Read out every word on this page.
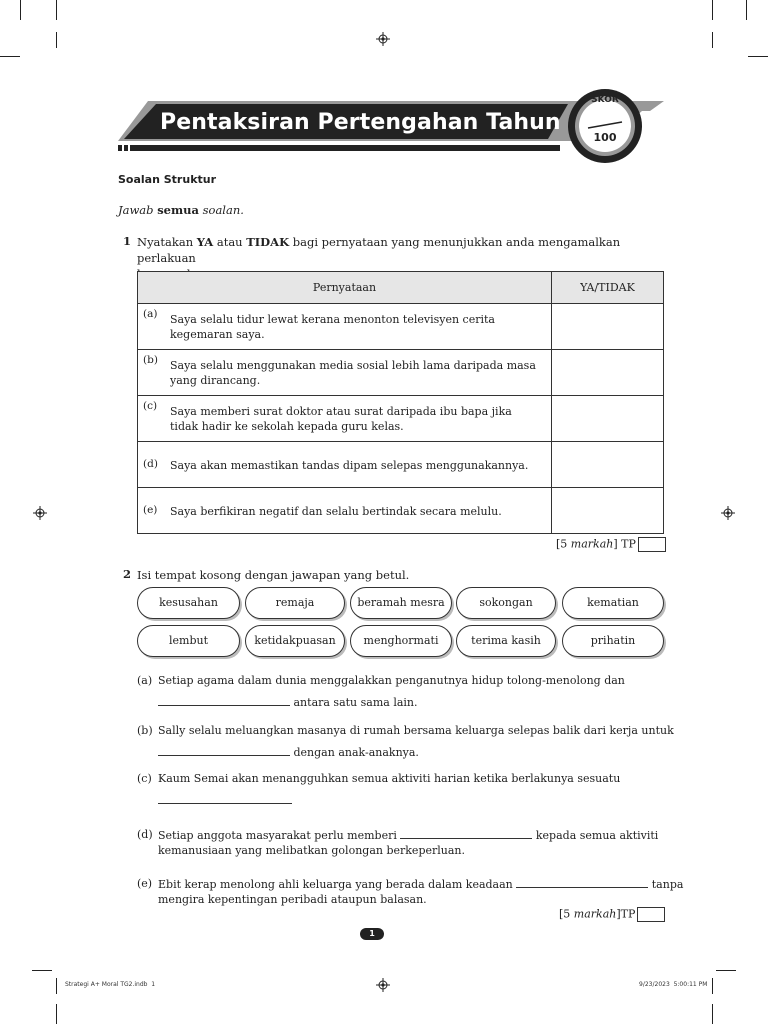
Pentaksiran Pertengahan Tahun
SKOR
100
Soalan Struktur
Jawab semua soalan.
1 Nyatakan YA atau TIDAK bagi pernyataan yang menunjukkan anda mengamalkan perlakuan

Pernyataan	YA/TIDAK

(a) Saya selalu tidur lewat kerana menonton televisyen cerita kegemaran saya.	

(b) Saya selalu menggunakan media sosial lebih lama daripada masa yang dirancang.	

(c) Saya memberi surat doktor atau surat daripada ibu bapa jika tidak hadir ke sekolah kepada guru kelas.	

(d) Saya akan memastikan tandas dipam selepas menggunakannya.	

(e) Saya berfikiran negatif dan selalu bertindak secara melulu.	

[5 markah] TP
2 Isi tempat kosong dengan jawapan yang betul.
kesusahan	remaja	beramah mesra	sokongan	kematian
lembut	ketidakpuasan	menghormati	terima kasih	prihatin
(a) Setiap agama dalam dunia menggalakkan penganutnya hidup tolong-menolong dan
antara satu sama lain.
(b) Sally selalu meluangkan masanya di rumah bersama keluarga selepas balik dari kerja untuk
dengan anak-anaknya.
(c) Kaum Semai akan menangguhkan semua aktiviti harian ketika berlakunya sesuatu
(d) Setiap anggota masyarakat perlu memberi	kepada semua aktiviti
kemanusiaan yang melibatkan golongan berkeperluan.
(e) Ebit kerap menolong ahli keluarga yang berada dalam keadaan	tanpa
mengira kepentingan peribadi ataupun balasan.
[5 markah]TP
1
Strategi A+ Moral TG2.indb 1	9/23/2023 5:00:11 PM
